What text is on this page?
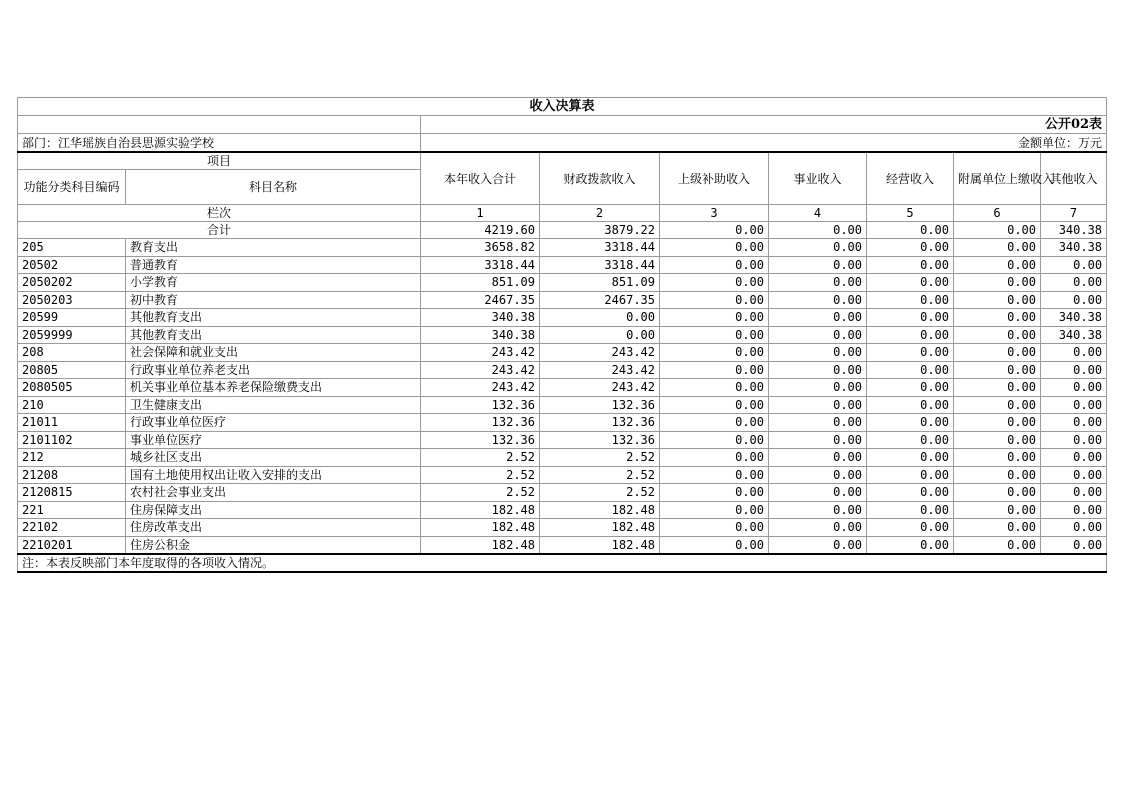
收入决算表								
		公开02表						
部门：江华瑶族自治县思源实验学校		金额单位：万元						
项目		本年收入合计	财政拨款收入	上级补助收入	事业收入	经营收入	附属单位上缴收入	其他收入
功能分类科目编码	科目名称							
栏次		1	2	3	4	5	6	7
合计		4219.60	3879.22	0.00	0.00	0.00	0.00	340.38
205	教育支出	3658.82	3318.44	0.00	0.00	0.00	0.00	340.38
20502	普通教育	3318.44	3318.44	0.00	0.00	0.00	0.00	0.00
2050202	小学教育	851.09	851.09	0.00	0.00	0.00	0.00	0.00
2050203	初中教育	2467.35	2467.35	0.00	0.00	0.00	0.00	0.00
20599	其他教育支出	340.38	0.00	0.00	0.00	0.00	0.00	340.38
2059999	其他教育支出	340.38	0.00	0.00	0.00	0.00	0.00	340.38
208	社会保障和就业支出	243.42	243.42	0.00	0.00	0.00	0.00	0.00
20805	行政事业单位养老支出	243.42	243.42	0.00	0.00	0.00	0.00	0.00
2080505	机关事业单位基本养老保险缴费支出	243.42	243.42	0.00	0.00	0.00	0.00	0.00
210	卫生健康支出	132.36	132.36	0.00	0.00	0.00	0.00	0.00
21011	行政事业单位医疗	132.36	132.36	0.00	0.00	0.00	0.00	0.00
2101102	事业单位医疗	132.36	132.36	0.00	0.00	0.00	0.00	0.00
212	城乡社区支出	2.52	2.52	0.00	0.00	0.00	0.00	0.00
21208	国有土地使用权出让收入安排的支出	2.52	2.52	0.00	0.00	0.00	0.00	0.00
2120815	农村社会事业支出	2.52	2.52	0.00	0.00	0.00	0.00	0.00
221	住房保障支出	182.48	182.48	0.00	0.00	0.00	0.00	0.00
22102	住房改革支出	182.48	182.48	0.00	0.00	0.00	0.00	0.00
2210201	住房公积金	182.48	182.48	0.00	0.00	0.00	0.00	0.00
注：本表反映部门本年度取得的各项收入情况。								
